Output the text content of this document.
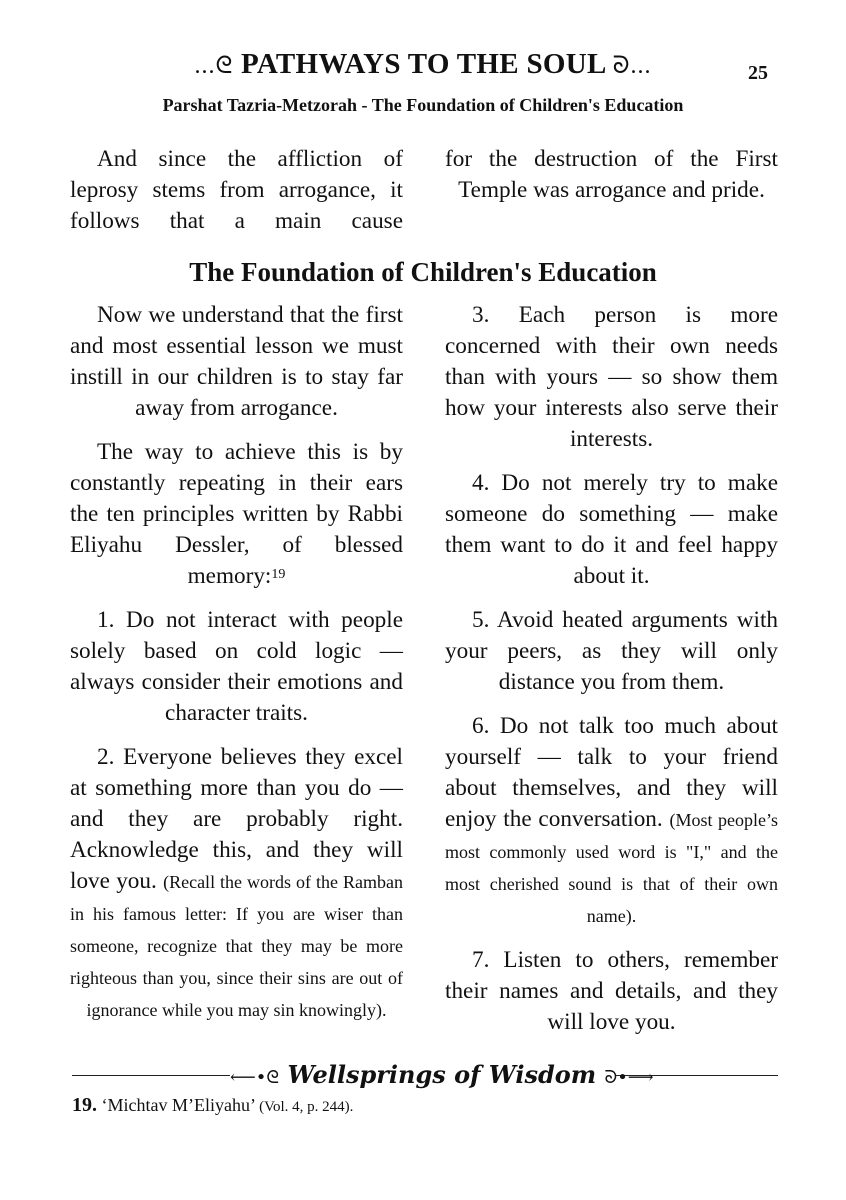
...ᘓ PATHWAYS TO THE SOUL ᘐ...	25
Parshat Tazria-Metzorah - The Foundation of Children's Education

And since the affliction of leprosy stems from arrogance, it follows that a main cause

for the destruction of the First Temple was arrogance and pride.

The Foundation of Children's Education

Now we understand that the first and most essential lesson we must instill in our children is to stay far away from arrogance.

The way to achieve this is by constantly repeating in their ears the ten principles written by Rabbi Eliyahu Dessler, of blessed memory:$^{19}$

1. Do not interact with people solely based on cold logic — always consider their emotions and character traits.

2. Everyone believes they excel at something more than you do — and they are probably right. Acknowledge this, and they will love you. (Recall the words of the Ramban in his famous letter: If you are wiser than someone, recognize that they may be more righteous than you, since their sins are out of ignorance while you may sin knowingly).

3. Each person is more concerned with their own needs than with yours — so show them how your interests also serve their interests.

4. Do not merely try to make someone do something — make them want to do it and feel happy about it.

5. Avoid heated arguments with your peers, as they will only distance you from them.

6. Do not talk too much about yourself — talk to your friend about themselves, and they will enjoy the conversation. (Most people’s most commonly used word is "I," and the most cherished sound is that of their own name).

7. Listen to others, remember their names and details, and they will love you.

⟵•ᘓ Wellsprings of Wisdom ᘐ•⟶
19. ‘Michtav M’Eliyahu’ (Vol. 4, p. 244).
